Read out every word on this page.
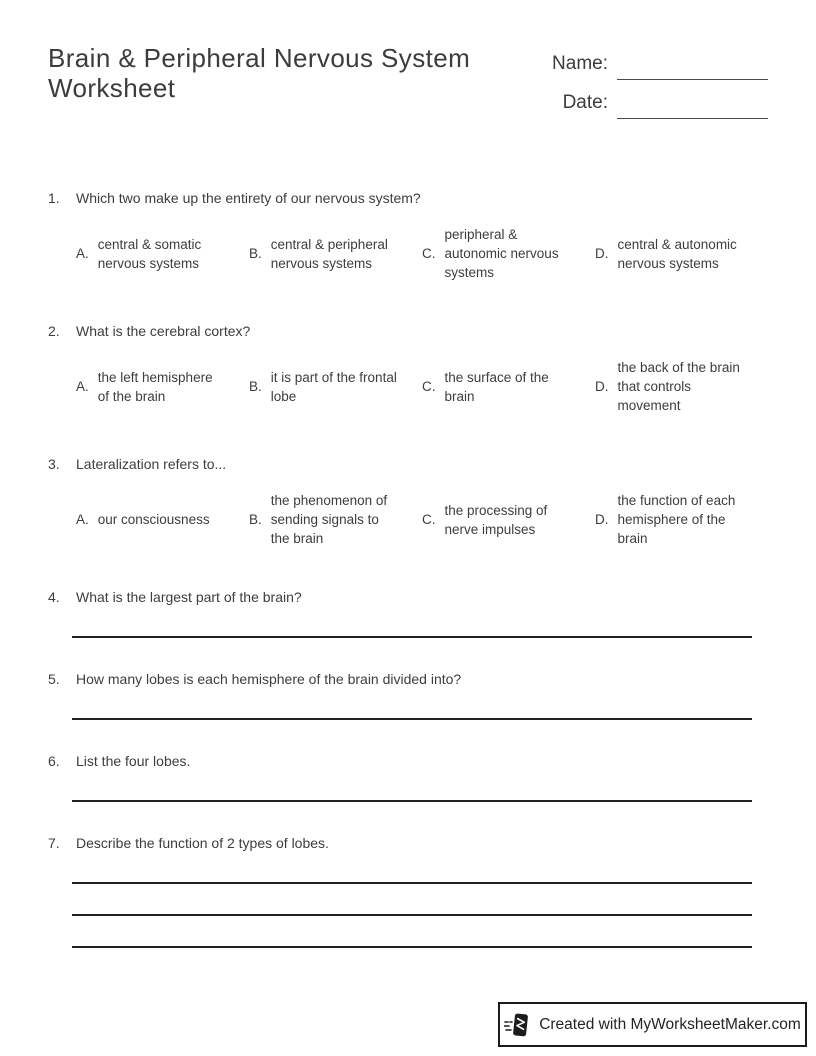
Brain & Peripheral Nervous System Worksheet
Name:
Date:
1.	Which two make up the entirety of our nervous system?
A.
central & somatic nervous systems
B.
central & peripheral nervous systems
C.
peripheral & autonomic nervous systems
D.
central & autonomic nervous systems
2.	What is the cerebral cortex?
A.
the left hemisphere of the brain
B.
it is part of the frontal lobe
C.
the surface of the brain
D.
the back of the brain that controls movement
3.	Lateralization refers to...
A. our consciousness	B.
the phenomenon of sending signals to the brain
C.
the processing of nerve impulses
D.
the function of each hemisphere of the brain
4.	What is the largest part of the brain?
5.	How many lobes is each hemisphere of the brain divided into?
6.	List the four lobes.
7.	Describe the function of 2 types of lobes.
Created with MyWorksheetMaker.com
